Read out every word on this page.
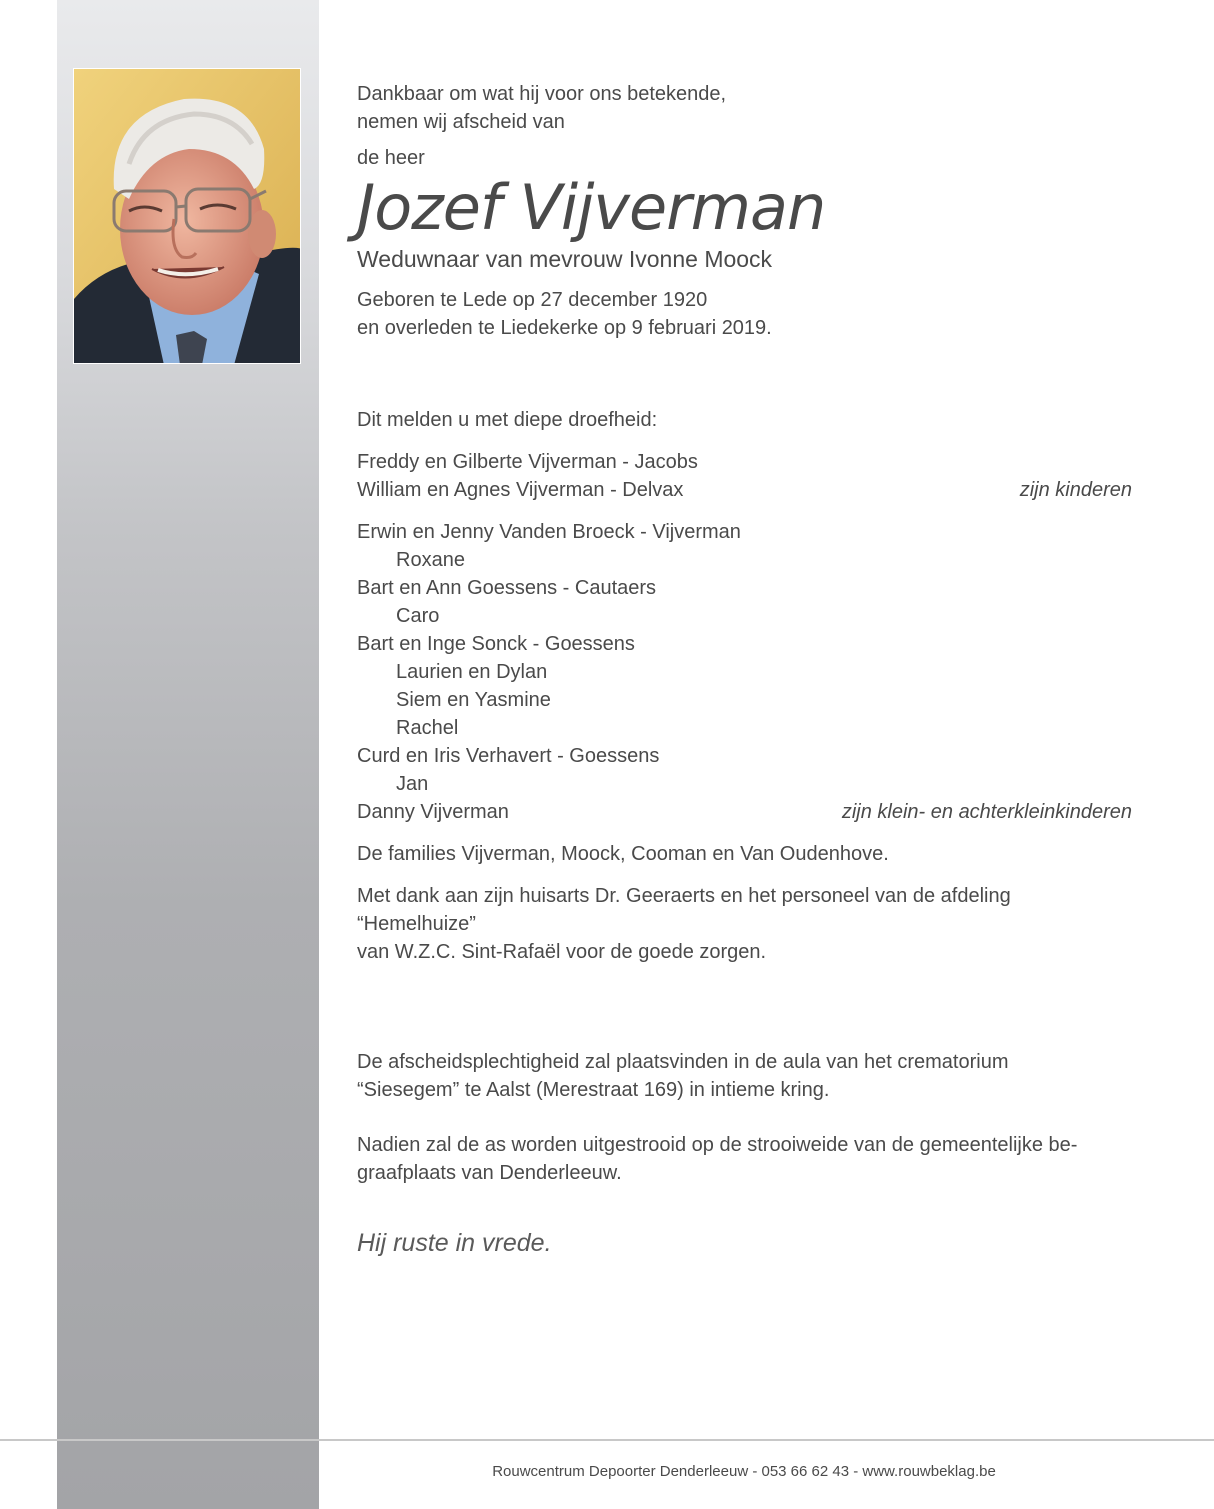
Dankbaar om wat hij voor ons betekende,

nemen wij afscheid van

de heer

Jozef Vijverman

Weduwnaar van mevrouw Ivonne Moock

Geboren te Lede op 27 december 1920

en overleden te Liedekerke op 9 februari 2019.

Dit melden u met diepe droefheid:

Freddy en Gilberte Vijverman - Jacobs
William en Agnes Vijverman - Delvax	zijn kinderen
Erwin en Jenny Vanden Broeck - Vijverman
Roxane
Bart en Ann Goessens - Cautaers
Caro
Bart en Inge Sonck - Goessens
Laurien en Dylan
Siem en Yasmine
Rachel
Curd en Iris Verhavert - Goessens
Jan
Danny Vijverman	zijn klein- en achterkleinkinderen

De families Vijverman, Moock, Cooman en Van Oudenhove.

Met dank aan zijn huisarts Dr. Geeraerts en het personeel van de afdeling “Hemelhuize”

van W.Z.C. Sint-Rafaël voor de goede zorgen.

De afscheidsplechtigheid zal plaatsvinden in de aula van het crematorium

“Siesegem” te Aalst (Merestraat 169) in intieme kring.

Nadien zal de as worden uitgestrooid op de strooiweide van de gemeentelijke be-

graafplaats van Denderleeuw.

Hij ruste in vrede.

Rouwcentrum Depoorter Denderleeuw - 053 66 62 43 - www.rouwbeklag.be
